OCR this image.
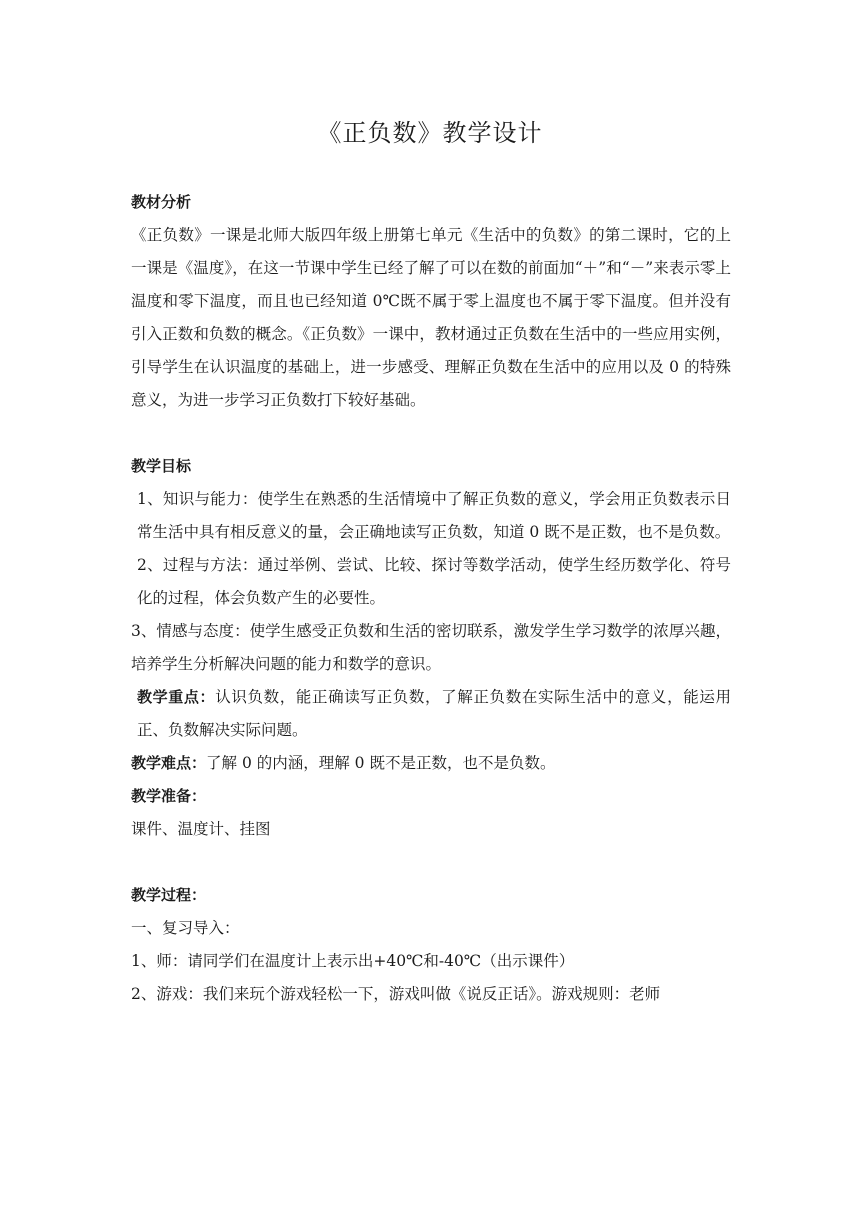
《正负数》教学设计

教材分析

《正负数》一课是北师大版四年级上册第七单元《生活中的负数》的第二课时，它的上一课是《温度》，在这一节课中学生已经了解了可以在数的前面加“＋”和“－”来表示零上温度和零下温度，而且也已经知道 0℃既不属于零上温度也不属于零下温度。但并没有引入正数和负数的概念。《正负数》一课中，教材通过正负数在生活中的一些应用实例，引导学生在认识温度的基础上，进一步感受、理解正负数在生活中的应用以及 0 的特殊意义，为进一步学习正负数打下较好基础。

教学目标

1、知识与能力：使学生在熟悉的生活情境中了解正负数的意义，学会用正负数表示日常生活中具有相反意义的量，会正确地读写正负数，知道 0 既不是正数，也不是负数。

2、过程与方法：通过举例、尝试、比较、探讨等数学活动，使学生经历数学化、符号化的过程，体会负数产生的必要性。

3、情感与态度：使学生感受正负数和生活的密切联系，激发学生学习数学的浓厚兴趣，培养学生分析解决问题的能力和数学的意识。

教学重点：认识负数，能正确读写正负数，了解正负数在实际生活中的意义，能运用正、负数解决实际问题。

教学难点：了解 0 的内涵，理解 0 既不是正数，也不是负数。

教学准备：

课件、温度计、挂图

教学过程：

一、复习导入：

1、师：请同学们在温度计上表示出+40℃和-40℃（出示课件）

2、游戏：我们来玩个游戏轻松一下，游戏叫做《说反正话》。游戏规则：老师
